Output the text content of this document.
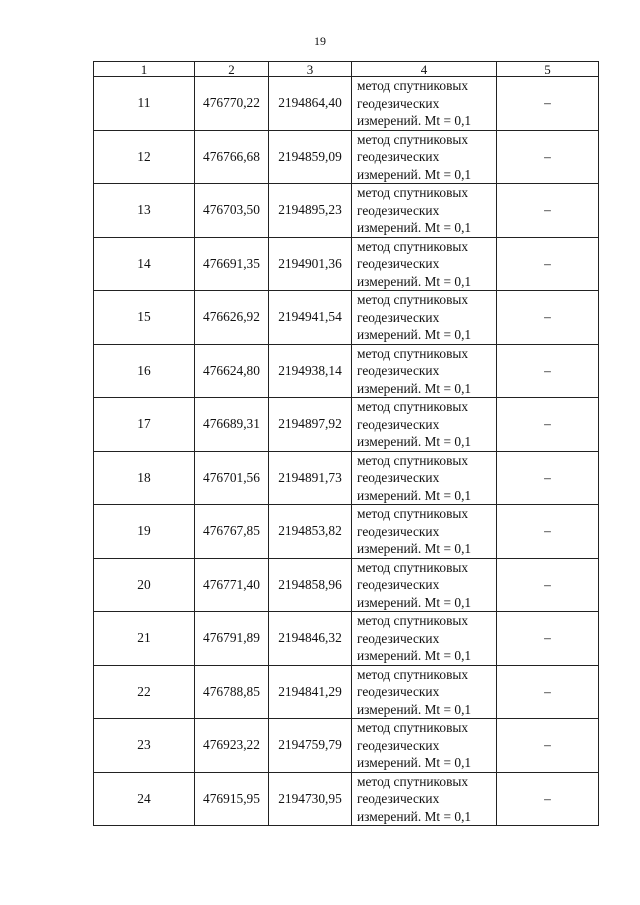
19
1	2	3	4	5
11	476770,22	2194864,40	метод спутниковых
геодезических
измерений. Mt = 0,1	–
12	476766,68	2194859,09	метод спутниковых
геодезических
измерений. Mt = 0,1	–
13	476703,50	2194895,23	метод спутниковых
геодезических
измерений. Mt = 0,1	–
14	476691,35	2194901,36	метод спутниковых
геодезических
измерений. Mt = 0,1	–
15	476626,92	2194941,54	метод спутниковых
геодезических
измерений. Mt = 0,1	–
16	476624,80	2194938,14	метод спутниковых
геодезических
измерений. Mt = 0,1	–
17	476689,31	2194897,92	метод спутниковых
геодезических
измерений. Mt = 0,1	–
18	476701,56	2194891,73	метод спутниковых
геодезических
измерений. Mt = 0,1	–
19	476767,85	2194853,82	метод спутниковых
геодезических
измерений. Mt = 0,1	–
20	476771,40	2194858,96	метод спутниковых
геодезических
измерений. Mt = 0,1	–
21	476791,89	2194846,32	метод спутниковых
геодезических
измерений. Mt = 0,1	–
22	476788,85	2194841,29	метод спутниковых
геодезических
измерений. Mt = 0,1	–
23	476923,22	2194759,79	метод спутниковых
геодезических
измерений. Mt = 0,1	–
24	476915,95	2194730,95	метод спутниковых
геодезических
измерений. Mt = 0,1	–
